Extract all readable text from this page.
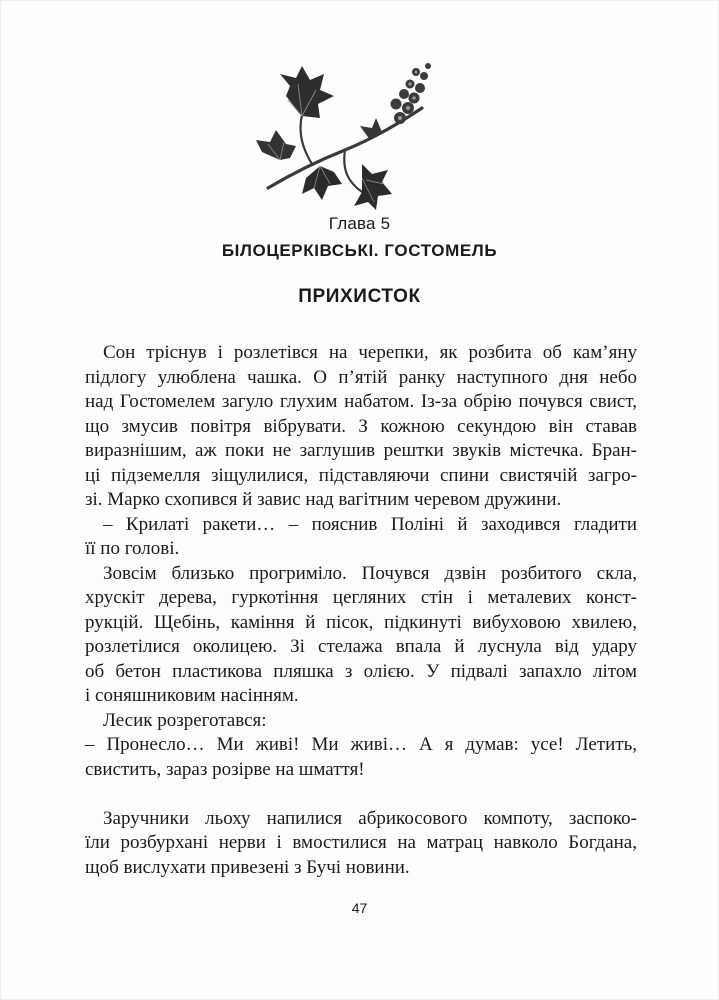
Глава 5
БІЛОЦЕРКІВСЬКІ. ГОСТОМЕЛЬ
ПРИХИСТОК
Сон тріснув і розлетівся на черепки, як розбита об кам’яну
підлогу улюблена чашка. О п’ятій ранку наступного дня небо
над Гостомелем загуло глухим набатом. Із-за обрію почувся свист,
що змусив повітря вібрувати. З кожною секундою він ставав
виразнішим, аж поки не заглушив рештки звуків містечка. Бран-
ці підземелля зіщулилися, підставляючи спини свистячій загро-
зі. Марко схопився й завис над вагітним черевом дружини.
– Крилаті ракети… – пояснив Поліні й заходився гладити
її по голові.
Зовсім близько прогриміло. Почувся дзвін розбитого скла,
хрускіт дерева, гуркотіння цегляних стін і металевих конст-
рукцій. Щебінь, каміння й пісок, підкинуті вибуховою хвилею,
розлетілися околицею. Зі стелажа впала й луснула від удару
об бетон пластикова пляшка з олією. У підвалі запахло літом
і соняшниковим насінням.
Лесик розреготався:
– Пронесло… Ми живі! Ми живі… А я думав: усе! Летить,
свистить, зараз розірве на шмаття!
Заручники льоху напилися абрикосового компоту, заспоко-
їли розбурхані нерви і вмостилися на матрац навколо Богдана,
щоб вислухати привезені з Бучі новини.
47
